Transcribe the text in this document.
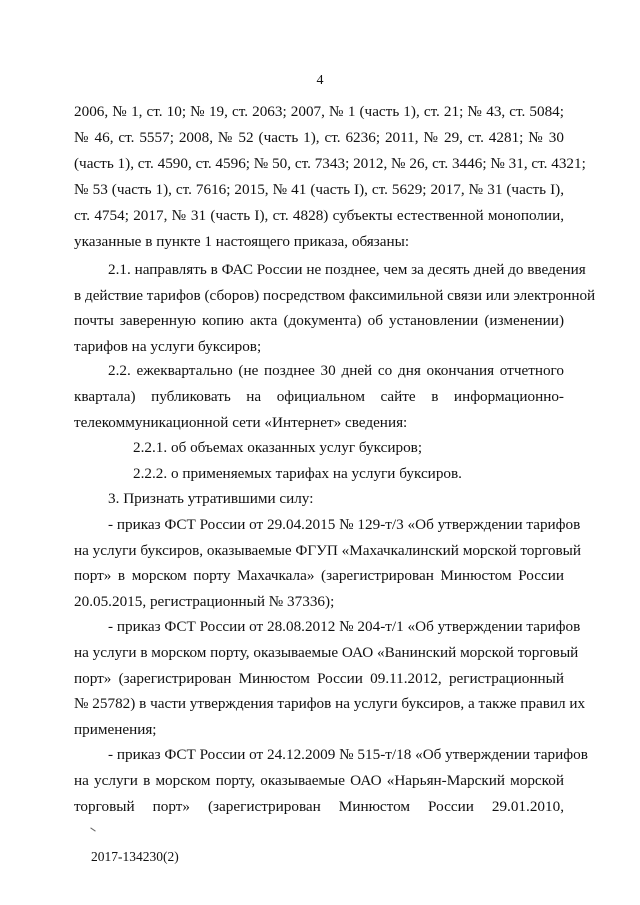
4
2006, № 1, ст. 10; № 19, ст. 2063; 2007, № 1 (часть 1), ст. 21; № 43, ст. 5084;
№ 46, ст. 5557; 2008, № 52 (часть 1), ст. 6236; 2011, № 29, ст. 4281; № 30
(часть 1), ст. 4590, ст. 4596; № 50, ст. 7343; 2012, № 26, ст. 3446; № 31, ст. 4321;
№ 53 (часть 1), ст. 7616; 2015, № 41 (часть I), ст. 5629; 2017, № 31 (часть I),
ст. 4754; 2017, № 31 (часть I), ст. 4828) субъекты естественной монополии,
указанные в пункте 1 настоящего приказа, обязаны:
2.1. направлять в ФАС России не позднее, чем за десять дней до введения
в действие тарифов (сборов) посредством факсимильной связи или электронной
почты заверенную копию акта (документа) об установлении (изменении)
тарифов на услуги буксиров;
2.2. ежеквартально (не позднее 30 дней со дня окончания отчетного
квартала) публиковать на официальном сайте в информационно-
телекоммуникационной сети «Интернет» сведения:
2.2.1. об объемах оказанных услуг буксиров;
2.2.2. о применяемых тарифах на услуги буксиров.
3. Признать утратившими силу:
- приказ ФСТ России от 29.04.2015 № 129-т/3 «Об утверждении тарифов
на услуги буксиров, оказываемые ФГУП «Махачкалинский морской торговый
порт» в морском порту Махачкала» (зарегистрирован Минюстом России
20.05.2015, регистрационный № 37336);
- приказ ФСТ России от 28.08.2012 № 204-т/1 «Об утверждении тарифов
на услуги в морском порту, оказываемые ОАО «Ванинский морской торговый
порт» (зарегистрирован Минюстом России 09.11.2012, регистрационный
№ 25782) в части утверждения тарифов на услуги буксиров, а также правил их
применения;
- приказ ФСТ России от 24.12.2009 № 515-т/18 «Об утверждении тарифов
на услуги в морском порту, оказываемые ОАО «Нарьян-Марский морской
торговый порт» (зарегистрирован Минюстом России 29.01.2010,
2017-134230(2)
